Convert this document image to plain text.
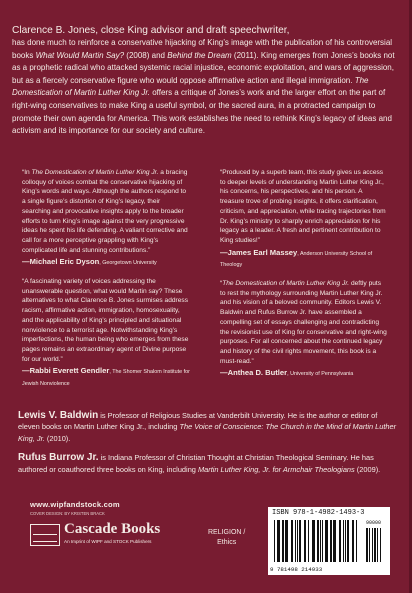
Clarence B. Jones, close King advisor and draft speechwriter,
has done much to reinforce a conservative hijacking of King’s image with the publication of his controversial books What Would Martin Say? (2008) and Behind the Dream (2011). King emerges from Jones’s books not as a prophetic radical who attacked systemic racial injustice, economic exploitation, and wars of aggression, but as a fiercely conservative figure who would oppose affirmative action and illegal immigration. The Domestication of Martin Luther King Jr. offers a critique of Jones’s work and the larger effort on the part of right-wing conservatives to make King a useful symbol, or the sacred aura, in a protracted campaign to promote their own agenda for America. This work establishes the need to rethink King’s legacy of ideas and activism and its importance for our society and culture.

“In The Domestication of Martin Luther King Jr. a bracing colloquy of voices combat the conservative hijacking of King’s words and ways. Although the authors respond to a single figure’s distortion of King’s legacy, their searching and provocative insights apply to the broader efforts to turn King’s image against the very progressive ideas he spent his life defending. A valiant corrective and call for a more perceptive grappling with King’s complicated life and stunning contributions.”

—Michael Eric Dyson, Georgetown University

“A fascinating variety of voices addressing the unanswerable question, what would Martin say? These alternatives to what Clarence B. Jones surmises address racism, affirmative action, immigration, homosexuality, and the applicability of King’s principled and situational nonviolence to a terrorist age. Notwithstanding King’s imperfections, the human being who emerges from these pages remains an extraordinary agent of Divine purpose for our world.”

—Rabbi Everett Gendler, The Shomer Shalom Institute for Jewish Nonviolence

“Produced by a superb team, this study gives us access to deeper levels of understanding Martin Luther King Jr., his concerns, his perspectives, and his person. A treasure trove of probing insights, it offers clarification, criticism, and appreciation, while tracing trajectories from Dr. King’s ministry to sharply enrich appreciation for his legacy as a leader. A fresh and pertinent contribution to King studies!”

—James Earl Massey, Anderson University School of Theology

“The Domestication of Martin Luther King Jr. deftly puts to rest the mythology surrounding Martin Luther King Jr. and his vision of a beloved community. Editors Lewis V. Baldwin and Rufus Burrow Jr. have assembled a compelling set of essays challenging and contradicting the revisionist use of King for conservative and right-wing purposes. For all concerned about the continued legacy and history of the civil rights movement, this book is a must-read.”

—Anthea D. Butler, University of Pennsylvania
Lewis V. Baldwin is Professor of Religious Studies at Vanderbilt University. He is the author or editor of eleven books on Martin Luther King Jr., including The Voice of Conscience: The Church in the Mind of Martin Luther King, Jr. (2010).
Rufus Burrow Jr. is Indiana Professor of Christian Thought at Christian Theological Seminary. He has authored or coauthored three books on King, including Martin Luther King, Jr. for Armchair Theologians (2009).
www.wipfandstock.com
COVER DESIGN: BY KRISTEN BRACK
Cascade Books
An Imprint of WIPF and STOCK Publishers
RELIGION /
Ethics
ISBN 978-1-4982-1493-3
90000
9 781498 214933
